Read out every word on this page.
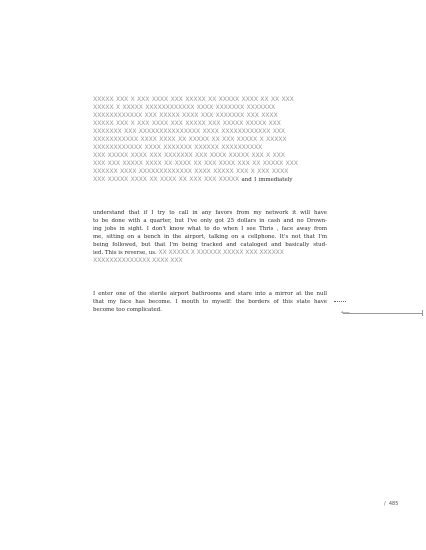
XXXXX XXX X XXX XXXX XXX XXXXX XX XXXXX XXXX XX XX XXX
XXXXX X XXXXX XXXXXXXXXXXX XXXX XXXXXXX XXXXXXX
XXXXXXXXXXXX XXX XXXXX XXXX XXX XXXXXXX XXX XXXX
XXXXX XXX X XXX XXXX XXX XXXXX XXX XXXXX XXXXX XXX
XXXXXXX XXX XXXXXXXXXXXXXXX XXXX XXXXXXXXXXXX XXX
XXXXXXXXXXX XXXX XXXX XX XXXXX XX XXX XXXXX X XXXXX
XXXXXXXXXXXX XXXX XXXXXXX XXXXXX XXXXXXXXXX
XXX XXXXX XXXX XXX XXXXXXX XXX XXXX XXXXX XXX X XXX
XXX XXX XXXXX XXXX XX XXXX XX XXX XXXX XXX XX XXXXX XXX
XXXXXX XXXX XXXXXXXXXXXXX XXXX XXXXX XXX X XXX XXXX
XXX XXXXX XXXX XX XXXX XX XXX XXX XXXXX and I immediately
understand that if I try to call in any favors from my network it will have
to be done with a quarter, but I've only got 25 dollars in cash and no Drown-
ing jobs in sight. I don't know what to do when I see Thris , face away from
me, sitting on a bench in the airport, talking on a cellphone. It's not that I'm
being followed, but that I'm being tracked and cataloged and basically stud-
ied. This is reverse, us. XX XXXXX X XXXXXX XXXXX XXX XXXXXX
XXXXXXXXXXXXXX XXXX XXX
I enter one of the sterile airport bathrooms and stare into a mirror at the null
that my face has become. I mouth to myself: the borders of this state have
become too complicated.	⟵
/ 485
